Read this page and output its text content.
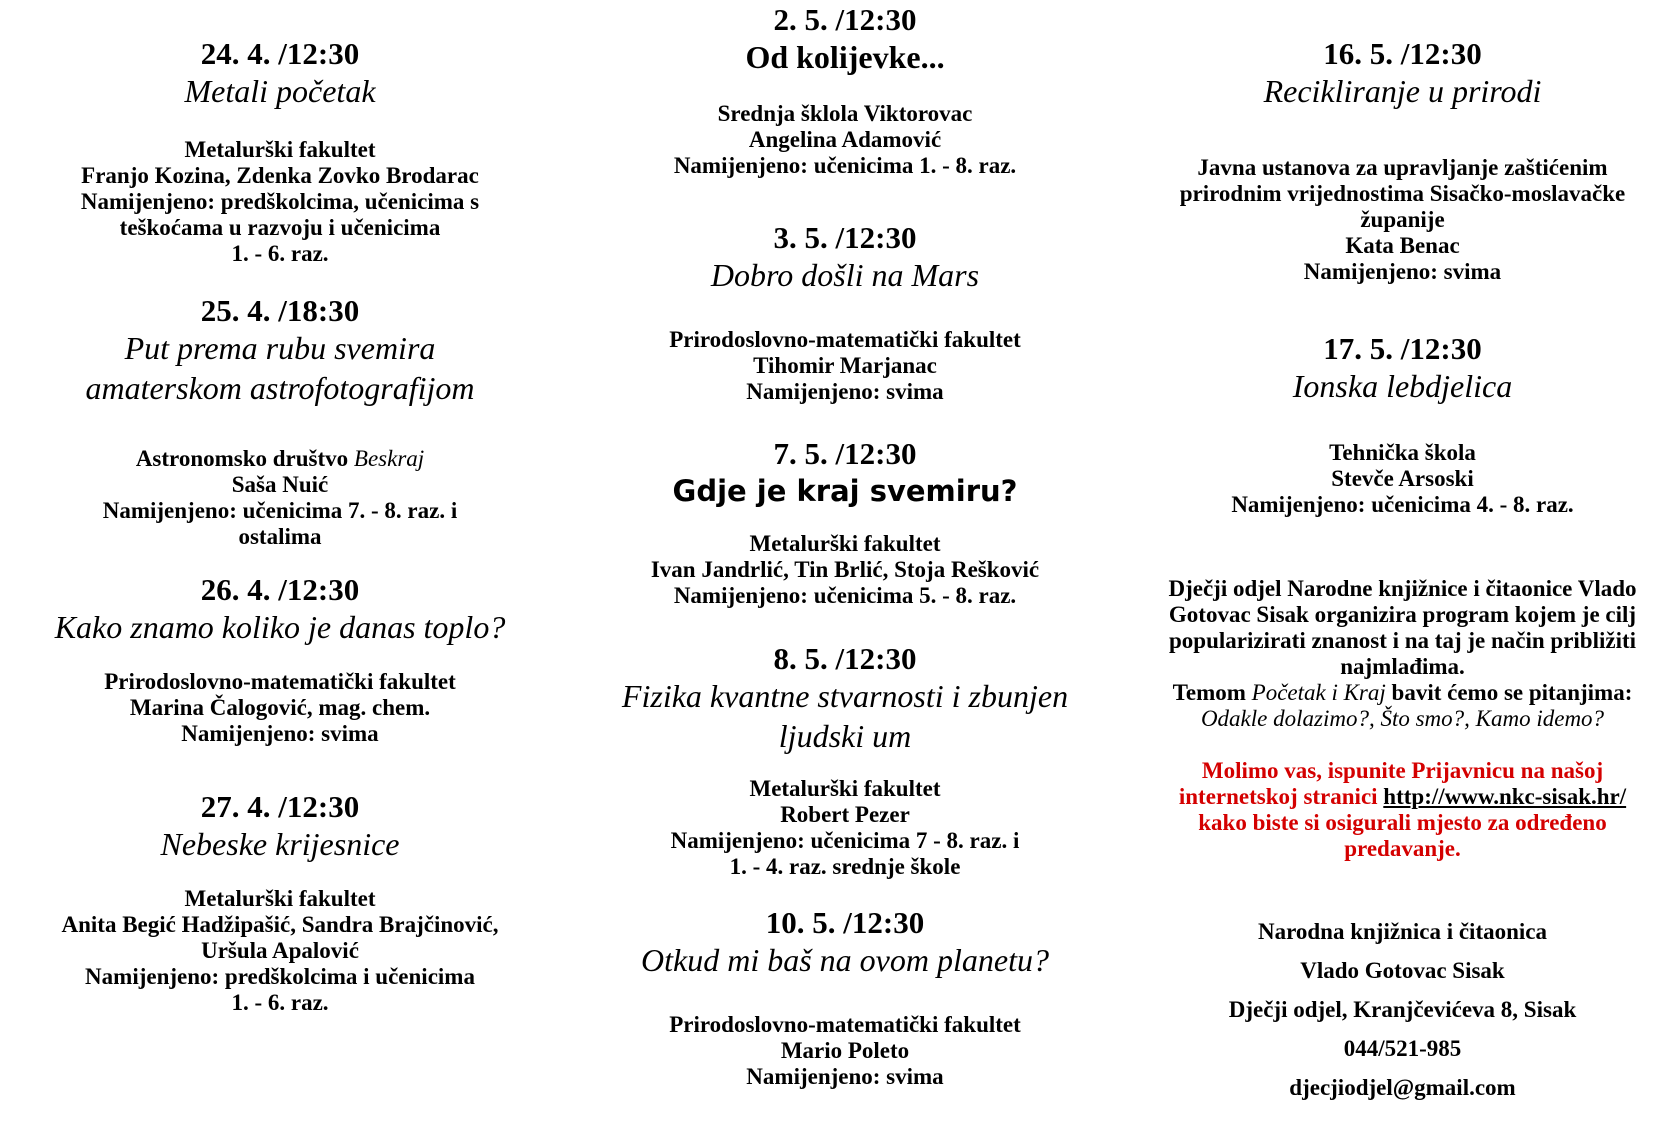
24. 4. /12:30
Metali početak

Metalurški fakultet

Franjo Kozina, Zdenka Zovko Brodarac

Namijenjeno: predškolcima, učenicima s

teškoćama u razvoju i učenicima

1. - 6. raz.

25. 4. /18:30
Put prema rubu svemira
amaterskom astrofotografijom

Astronomsko društvo Beskraj

Saša Nuić

Namijenjeno: učenicima 7. - 8. raz. i

ostalima

26. 4. /12:30
Kako znamo koliko je danas toplo?

Prirodoslovno-matematički fakultet

Marina Čalogović, mag. chem.

Namijenjeno: svima

27. 4. /12:30
Nebeske krijesnice

Metalurški fakultet

Anita Begić Hadžipašić, Sandra Brajčinović,

Uršula Apalović

Namijenjeno: predškolcima i učenicima

1. - 6. raz.

2. 5. /12:30
Od kolijevke...

Srednja šklola Viktorovac

Angelina Adamović

Namijenjeno: učenicima 1. - 8. raz.

3. 5. /12:30
Dobro došli na Mars

Prirodoslovno-matematički fakultet

Tihomir Marjanac

Namijenjeno: svima

7. 5. /12:30
Gdje je kraj svemiru?

Metalurški fakultet

Ivan Jandrlić, Tin Brlić, Stoja Rešković

Namijenjeno: učenicima 5. - 8. raz.

8. 5. /12:30
Fizika kvantne stvarnosti i zbunjen
ljudski um

Metalurški fakultet

Robert Pezer

Namijenjeno: učenicima 7 - 8. raz. i

1. - 4. raz. srednje škole

10. 5. /12:30
Otkud mi baš na ovom planetu?

Prirodoslovno-matematički fakultet

Mario Poleto

Namijenjeno: svima

16. 5. /12:30
Recikliranje u prirodi

Javna ustanova za upravljanje zaštićenim

prirodnim vrijednostima Sisačko-moslavačke

županije

Kata Benac

Namijenjeno: svima

17. 5. /12:30
Ionska lebdjelica

Tehnička škola

Stevče Arsoski

Namijenjeno: učenicima 4. - 8. raz.

Dječji odjel Narodne knjižnice i čitaonice Vlado

Gotovac Sisak organizira program kojem je cilj

popularizirati znanost i na taj je način približiti

najmlađima.

Temom Početak i Kraj bavit ćemo se pitanjima:

Odakle dolazimo?, Što smo?, Kamo idemo?

Molimo vas, ispunite Prijavnicu na našoj

internetskoj stranici http://www.nkc-sisak.hr/

kako biste si osigurali mjesto za određeno

predavanje.

Narodna knjižnica i čitaonica

Vlado Gotovac Sisak

Dječji odjel, Kranjčevićeva 8, Sisak

044/521-985

djecjiodjel@gmail.com
